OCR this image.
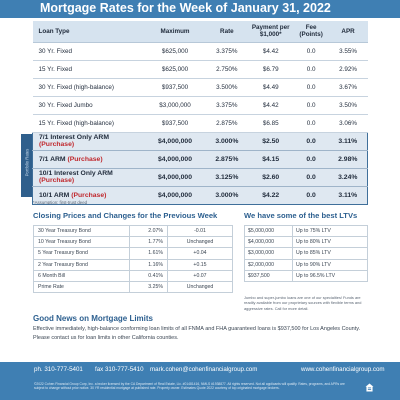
Mortgage Rates for the Week of January 31, 2022
Loan Type	Maximum	Rate	Payment per $1,000*	Fee (Points)	APR
30 Yr. Fixed	$625,000	3.375%	$4.42	0.0	3.55%
15 Yr. Fixed	$625,000	2.750%	$6.79	0.0	2.92%
30 Yr. Fixed (high-balance)	$937,500	3.500%	$4.49	0.0	3.67%
30 Yr. Fixed Jumbo	$3,000,000	3.375%	$4.42	0.0	3.50%
15 Yr. Fixed (high-balance)	$937,500	2.875%	$6.85	0.0	3.06%
7/1 Interest Only ARM (Purchase)	$4,000,000	3.000%	$2.50	0.0	3.11%
7/1 ARM (Purchase)	$4,000,000	2.875%	$4.15	0.0	2.98%
10/1 Interest Only ARM (Purchase)	$4,000,000	3.125%	$2.60	0.0	3.24%
10/1 ARM (Purchase)	$4,000,000	3.000%	$4.22	0.0	3.11%
Portfolio Rates
*Assumption: first-trust deed
Closing Prices and Changes for the Previous Week
30 Year Treasury Bond	2.07%	-0.01
10 Year Treasury Bond	1.77%	Unchanged
5 Year Treasury Bond	1.61%	+0.04
2 Year Treasury Bond	1.16%	+0.15
6 Month Bill	0.41%	+0.07
Prime Rate	3.25%	Unchanged
We have some of the best LTVs
$5,000,000	Up to 75% LTV
$4,000,000	Up to 80% LTV
$3,000,000	Up to 85% LTV
$2,000,000	Up to 90% LTV
$937,500	Up to 96.5% LTV
Jumbo and super-jumbo loans are one of our specialties! Funds are readily available from our proprietary sources with flexible terms and aggressive rates. Call for more detail.
Good News on Mortgage Limits
Effective immediately, high-balance conforming loan limits of all FNMA and FHA guaranteed loans is $937,500 for Los Angeles County. Please contact us for loan limits in other California counties.
ph. 310-777-5401 fax 310-777-5410 mark.cohen@cohenfinancialgroup.com	www.cohenfinancialgroup.com
©2022 Cohen Financial Group Corp, Inc. a broker licensed by the CA Department of Real Estate, Lic. #01481416, NMLS #1938877. All rights reserved. Not all applicants will qualify. Rates, programs, and APRs are subject to change without prior notice. 30 YR residential mortgage at published rate. Property owner. Estimates Quote 2022 courtesy of top originated mortgage brokers.
